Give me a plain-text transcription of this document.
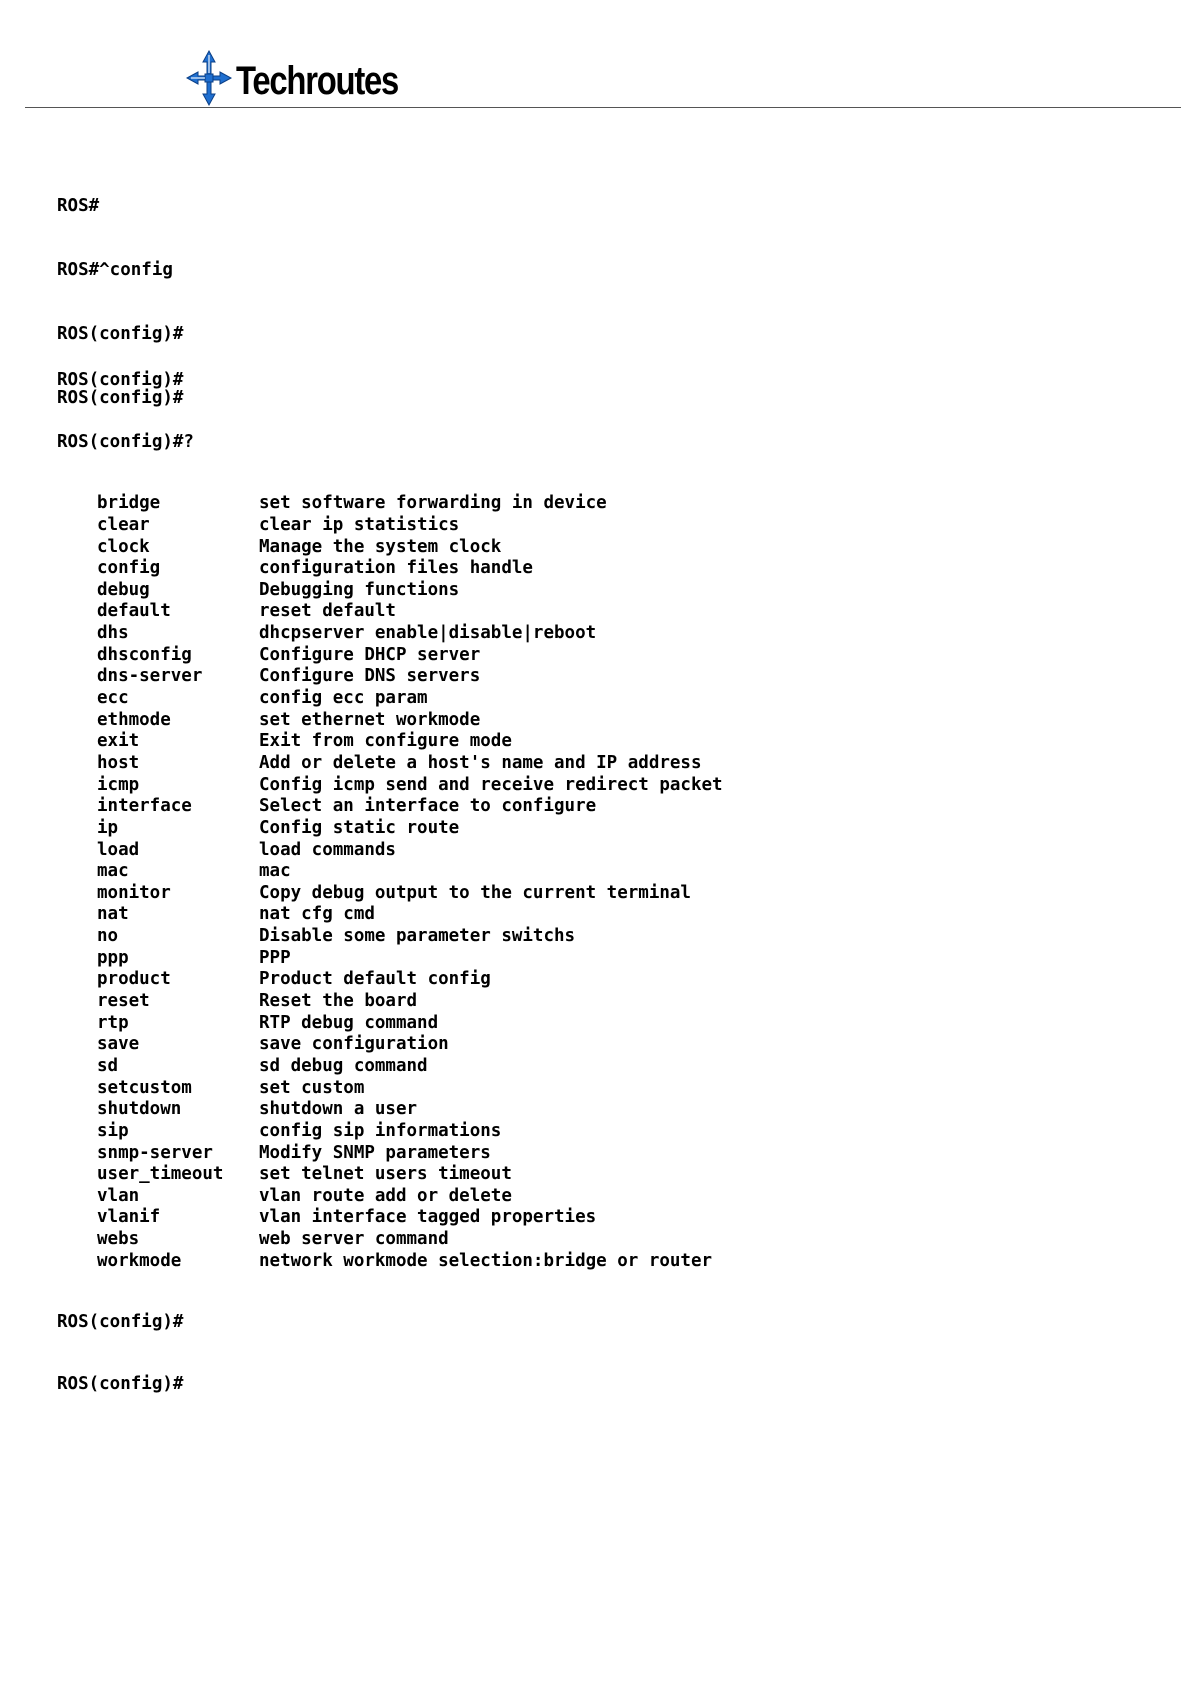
Techroutes

ROS#

ROS#^config

ROS(config)#

ROS(config)#

ROS(config)#

ROS(config)#?

bridge	set software forwarding in device
clear	clear ip statistics
clock	Manage the system clock
config	configuration files handle
debug	Debugging functions
default	reset default
dhs	dhcpserver enable|disable|reboot
dhsconfig	Configure DHCP server
dns-server	Configure DNS servers
ecc	config ecc param
ethmode	set ethernet workmode
exit	Exit from configure mode
host	Add or delete a host's name and IP address
icmp	Config icmp send and receive redirect packet
interface	Select an interface to configure
ip	Config static route
load	load commands
mac	mac
monitor	Copy debug output to the current terminal
nat	nat cfg cmd
no	Disable some parameter switchs
ppp	PPP
product	Product default config
reset	Reset the board
rtp	RTP debug command
save	save configuration
sd	sd debug command
setcustom	set custom
shutdown	shutdown a user
sip	config sip informations
snmp-server	Modify SNMP parameters
user_timeout	set telnet users timeout
vlan	vlan route add or delete
vlanif	vlan interface tagged properties
webs	web server command
workmode	network workmode selection:bridge or router

ROS(config)#

ROS(config)#
